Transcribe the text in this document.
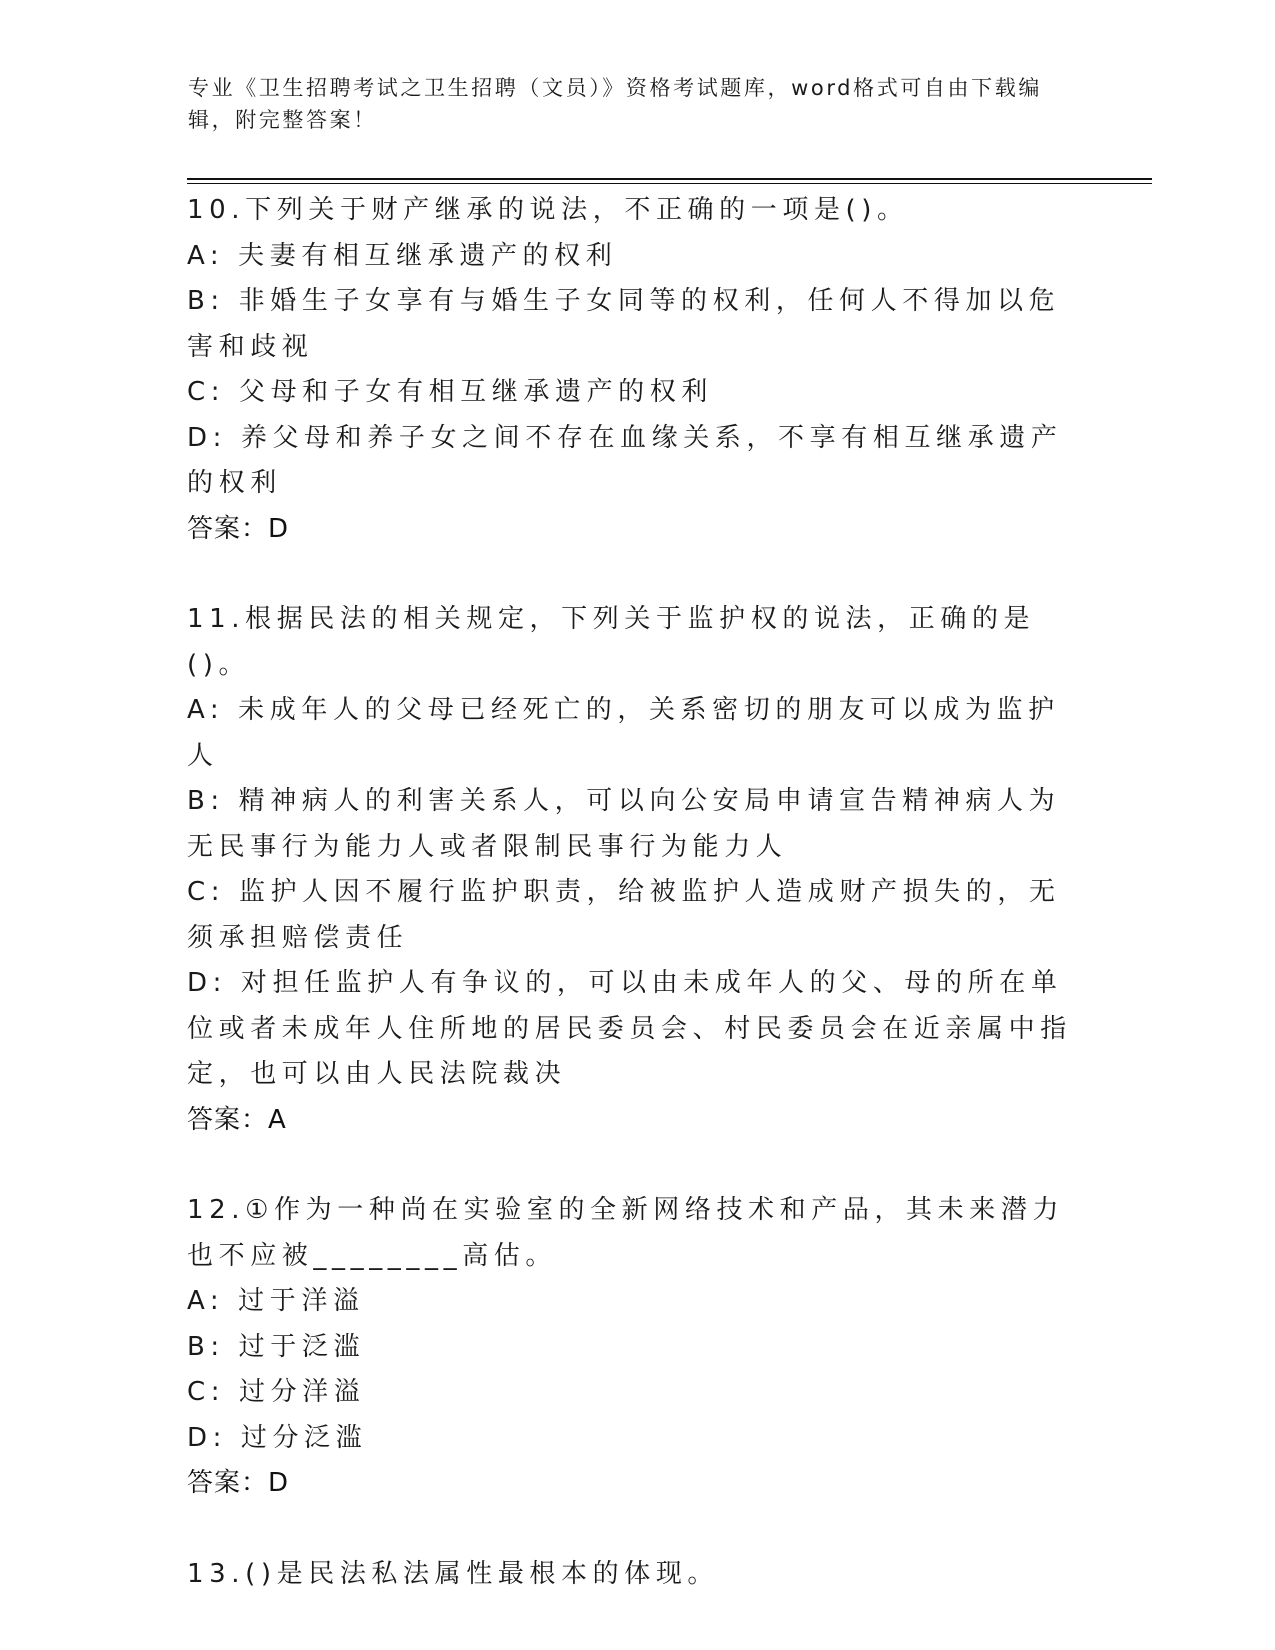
专业《卫生招聘考试之卫生招聘（文员）》资格考试题库，word格式可自由下载编辑，附完整答案！
10.下列关于财产继承的说法，不正确的一项是()。
A: 夫妻有相互继承遗产的权利
B: 非婚生子女享有与婚生子女同等的权利，任何人不得加以危害和歧视
C: 父母和子女有相互继承遗产的权利
D: 养父母和养子女之间不存在血缘关系，不享有相互继承遗产的权利
答案：D
11.根据民法的相关规定，下列关于监护权的说法，正确的是()。
A: 未成年人的父母已经死亡的，关系密切的朋友可以成为监护人
B: 精神病人的利害关系人，可以向公安局申请宣告精神病人为无民事行为能力人或者限制民事行为能力人
C: 监护人因不履行监护职责，给被监护人造成财产损失的，无须承担赔偿责任
D: 对担任监护人有争议的，可以由未成年人的父、母的所在单位或者未成年人住所地的居民委员会、村民委员会在近亲属中指定，也可以由人民法院裁决
答案：A
12.①作为一种尚在实验室的全新网络技术和产品，其未来潜力也不应被________高估。
A: 过于洋溢
B: 过于泛滥
C: 过分洋溢
D: 过分泛滥
答案：D
13.()是民法私法属性最根本的体现。
